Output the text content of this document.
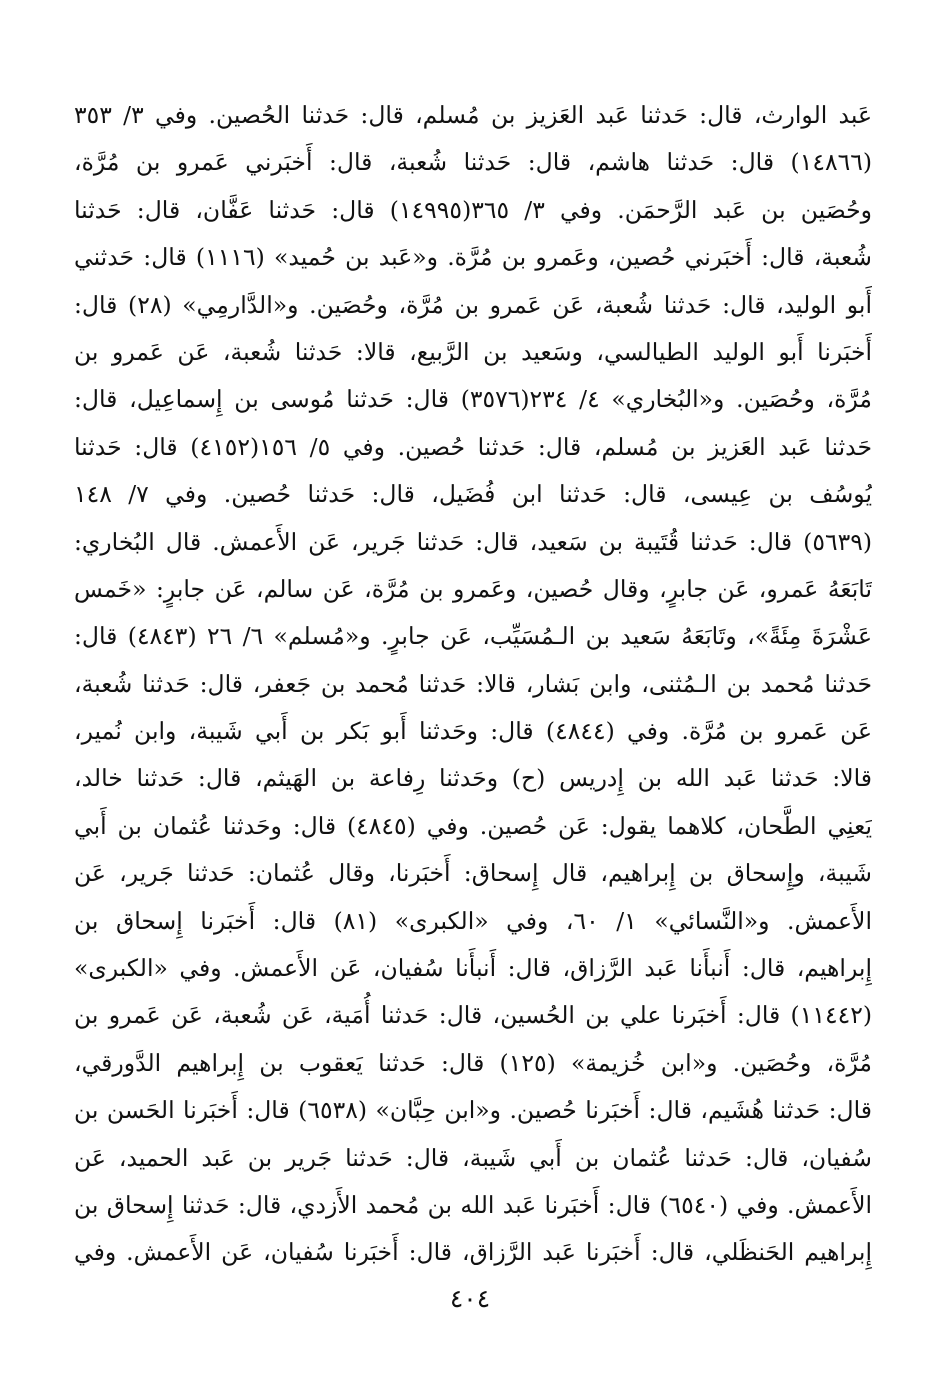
عَبد الوارث، قال: حَدثنا عَبد العَزيز بن مُسلم، قال: حَدثنا الحُصين. وفي ٣/ ٣٥٣
(١٤٨٦٦) قال: حَدثنا هاشم، قال: حَدثنا شُعبة، قال: أَخبَرني عَمرو بن مُرَّة،
وحُصَين بن عَبد الرَّحمَن. وفي ٣/ ٣٦٥(١٤٩٩٥) قال: حَدثنا عَفَّان، قال: حَدثنا
شُعبة، قال: أَخبَرني حُصين، وعَمرو بن مُرَّة. و«عَبد بن حُميد» (١١١٦) قال: حَدثني
أَبو الوليد، قال: حَدثنا شُعبة، عَن عَمرو بن مُرَّة، وحُصَين. و«الدَّارمِي» (٢٨) قال:
أَخبَرنا أَبو الوليد الطيالسي، وسَعيد بن الرَّبيع، قالا: حَدثنا شُعبة، عَن عَمرو بن
مُرَّة، وحُصَين. و«البُخاري» ٤/ ٢٣٤(٣٥٧٦) قال: حَدثنا مُوسى بن إِسماعِيل، قال:
حَدثنا عَبد العَزيز بن مُسلم، قال: حَدثنا حُصين. وفي ٥/ ١٥٦(٤١٥٢) قال: حَدثنا
يُوسُف بن عِيسى، قال: حَدثنا ابن فُضَيل، قال: حَدثنا حُصين. وفي ٧/ ١٤٨
(٥٦٣٩) قال: حَدثنا قُتَيبة بن سَعيد، قال: حَدثنا جَرير، عَن الأَعمش. قال البُخاري:
تَابَعَهُ عَمرو، عَن جابرٍ، وقال حُصين، وعَمرو بن مُرَّة، عَن سالم، عَن جابرٍ: «خَمس
عَشْرَةَ مِئَةً»، وتَابَعَهُ سَعيد بن الـمُسَيِّب، عَن جابرٍ. و«مُسلم» ٦/ ٢٦ (٤٨٤٣) قال:
حَدثنا مُحمد بن الـمُثنى، وابن بَشار، قالا: حَدثنا مُحمد بن جَعفر، قال: حَدثنا شُعبة،
عَن عَمرو بن مُرَّة. وفي (٤٨٤٤) قال: وحَدثنا أَبو بَكر بن أَبي شَيبة، وابن نُمير،
قالا: حَدثنا عَبد الله بن إِدريس (ح) وحَدثنا رِفاعة بن الهَيثم، قال: حَدثنا خالد،
يَعنِي الطَّحان، كلاهما يقول: عَن حُصين. وفي (٤٨٤٥) قال: وحَدثنا عُثمان بن أَبي
شَيبة، وإِسحاق بن إِبراهيم، قال إِسحاق: أَخبَرنا، وقال عُثمان: حَدثنا جَرير، عَن
الأَعمش. و«النَّسائي» ١/ ٦٠، وفي «الكبرى» (٨١) قال: أَخبَرنا إِسحاق بن
إِبراهيم، قال: أَنبأَنا عَبد الرَّزاق، قال: أَنبأَنا سُفيان، عَن الأَعمش. وفي «الكبرى»
(١١٤٤٢) قال: أَخبَرنا علي بن الحُسين، قال: حَدثنا أُمَية، عَن شُعبة، عَن عَمرو بن
مُرَّة، وحُصَين. و«ابن خُزيمة» (١٢٥) قال: حَدثنا يَعقوب بن إِبراهيم الدَّورقي،
قال: حَدثنا هُشَيم، قال: أَخبَرنا حُصين. و«ابن حِبَّان» (٦٥٣٨) قال: أَخبَرنا الحَسن بن
سُفيان، قال: حَدثنا عُثمان بن أَبي شَيبة، قال: حَدثنا جَرير بن عَبد الحميد، عَن
الأَعمش. وفي (٦٥٤٠) قال: أَخبَرنا عَبد الله بن مُحمد الأَزدي، قال: حَدثنا إِسحاق بن
إِبراهيم الحَنظَلي، قال: أَخبَرنا عَبد الرَّزاق، قال: أَخبَرنا سُفيان، عَن الأَعمش. وفي
٤٠٤
